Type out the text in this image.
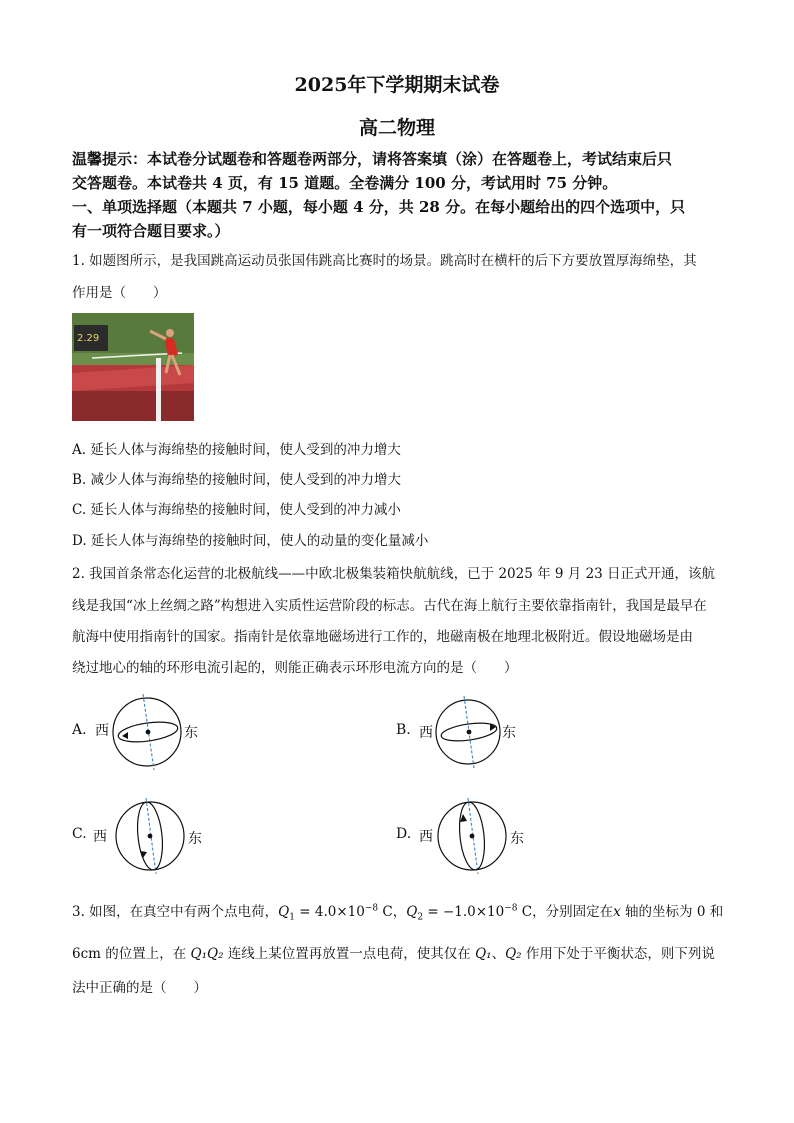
2025年下学期期末试卷
高二物理
温馨提示：本试卷分试题卷和答题卷两部分，请将答案填（涂）在答题卷上，考试结束后只
交答题卷。本试卷共 4 页，有 15 道题。全卷满分 100 分，考试用时 75 分钟。
一、单项选择题（本题共 7 小题，每小题 4 分，共 28 分。在每小题给出的四个选项中，只
有一项符合题目要求。）
1. 如题图所示，是我国跳高运动员张国伟跳高比赛时的场景。跳高时在横杆的后下方要放置厚海绵垫，其
作用是（　　）
2.29
A. 延长人体与海绵垫的接触时间，使人受到的冲力增大
B. 减少人体与海绵垫的接触时间，使人受到的冲力增大
C. 延长人体与海绵垫的接触时间，使人受到的冲力减小
D. 延长人体与海绵垫的接触时间，使人的动量的变化量减小
2. 我国首条常态化运营的北极航线——中欧北极集装箱快航航线，已于 2025 年 9 月 23 日正式开通，该航
线是我国“冰上丝绸之路”构想进入实质性运营阶段的标志。古代在海上航行主要依靠指南针，我国是最早在
航海中使用指南针的国家。指南针是依靠地磁场进行工作的，地磁南极在地理北极附近。假设地磁场是由
绕过地心的轴的环形电流引起的，则能正确表示环形电流方向的是（　　）
A. 西	东	B. 西	东
C. 西	东	D. 西	东
3. 如图，在真空中有两个点电荷，$Q_1 = 4.0\times 10^{-8}$ C，$Q_2 = -1.0\times 10^{-8}$ C，分别固定在x 轴的坐标为 0 和
6cm 的位置上，在 Q₁Q₂ 连线上某位置再放置一点电荷，使其仅在 Q₁、Q₂ 作用下处于平衡状态，则下列说
法中正确的是（　　）
